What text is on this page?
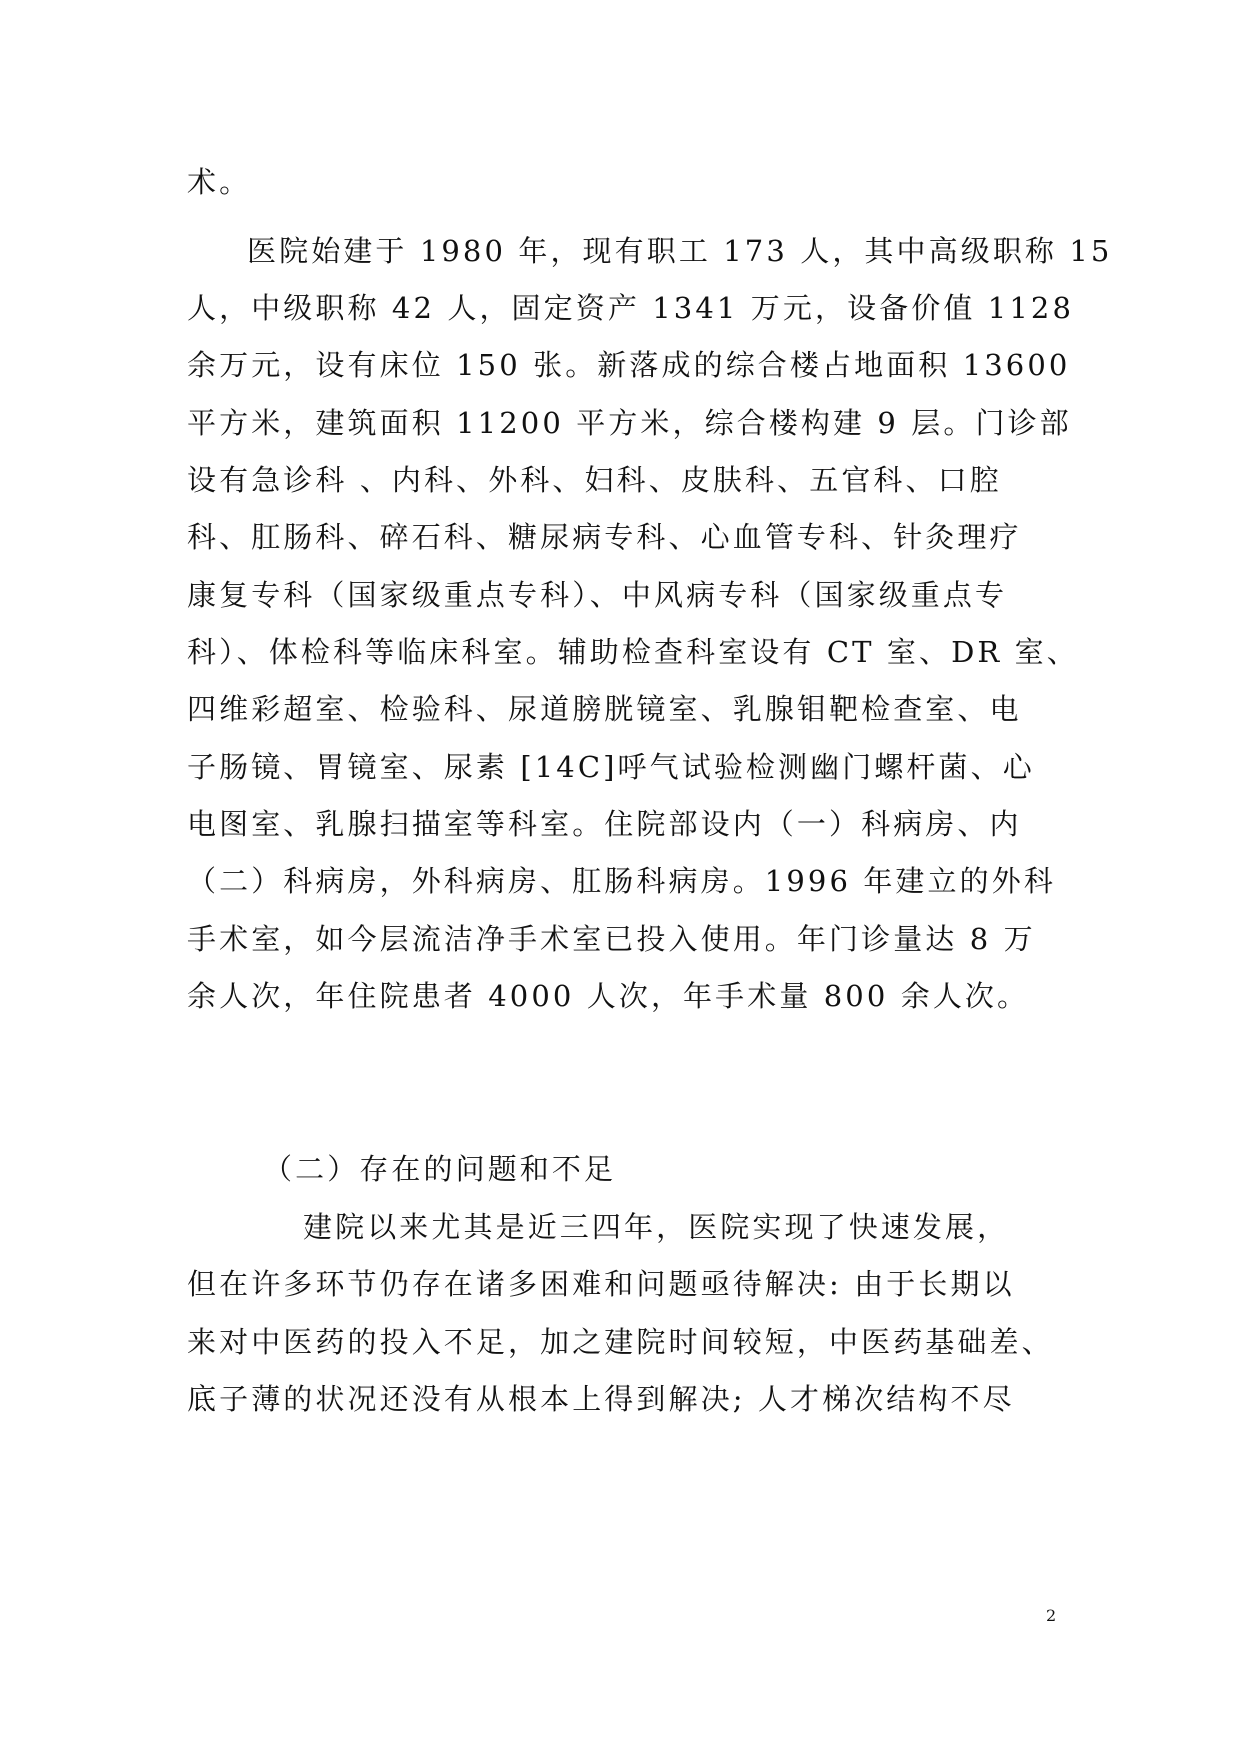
术。
医院始建于 1980 年，现有职工 173 人，其中高级职称 15
人，中级职称 42 人，固定资产 1341 万元，设备价值 1128
余万元，设有床位 150 张。新落成的综合楼占地面积 13600
平方米，建筑面积 11200 平方米，综合楼构建 9 层。门诊部
设有急诊科 、内科、外科、妇科、皮肤科、五官科、口腔
科、肛肠科、碎石科、糖尿病专科、心血管专科、针灸理疗
康复专科（国家级重点专科）、中风病专科（国家级重点专
科）、体检科等临床科室。辅助检查科室设有 CT 室、DR 室、
四维彩超室、检验科、尿道膀胱镜室、乳腺钼靶检查室、电
子肠镜、胃镜室、尿素 [14C]呼气试验检测幽门螺杆菌、心
电图室、乳腺扫描室等科室。住院部设内（一）科病房、内
（二）科病房，外科病房、肛肠科病房。1996 年建立的外科
手术室，如今层流洁净手术室已投入使用。年门诊量达 8 万
余人次，年住院患者 4000 人次，年手术量 800 余人次。
（二）存在的问题和不足
建院以来尤其是近三四年，医院实现了快速发展，
但在许多环节仍存在诸多困难和问题亟待解决: 由于长期以
来对中医药的投入不足，加之建院时间较短，中医药基础差、
底子薄的状况还没有从根本上得到解决; 人才梯次结构不尽
2
